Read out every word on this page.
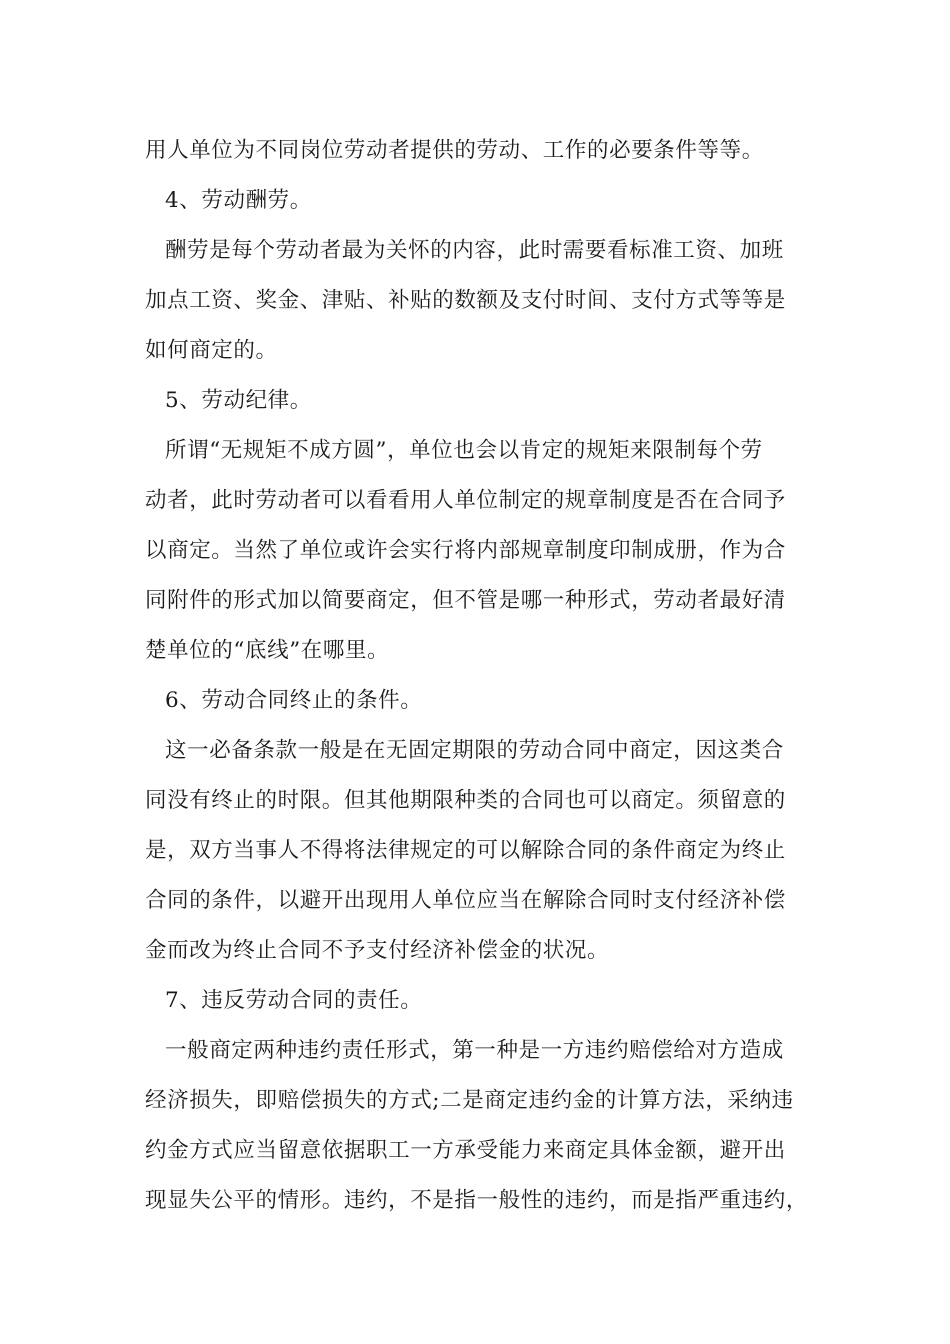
用人单位为不同岗位劳动者提供的劳动、工作的必要条件等等。
4、劳动酬劳。
酬劳是每个劳动者最为关怀的内容，此时需要看标准工资、加班
加点工资、奖金、津贴、补贴的数额及支付时间、支付方式等等是
如何商定的。
5、劳动纪律。
所谓“无规矩不成方圆”，单位也会以肯定的规矩来限制每个劳
动者，此时劳动者可以看看用人单位制定的规章制度是否在合同予
以商定。当然了单位或许会实行将内部规章制度印制成册，作为合
同附件的形式加以简要商定，但不管是哪一种形式，劳动者最好清
楚单位的“底线”在哪里。
6、劳动合同终止的条件。
这一必备条款一般是在无固定期限的劳动合同中商定，因这类合
同没有终止的时限。但其他期限种类的合同也可以商定。须留意的
是，双方当事人不得将法律规定的可以解除合同的条件商定为终止
合同的条件，以避开出现用人单位应当在解除合同时支付经济补偿
金而改为终止合同不予支付经济补偿金的状况。
7、违反劳动合同的责任。
一般商定两种违约责任形式，第一种是一方违约赔偿给对方造成
经济损失，即赔偿损失的方式;二是商定违约金的计算方法，采纳违
约金方式应当留意依据职工一方承受能力来商定具体金额，避开出
现显失公平的情形。违约，不是指一般性的违约，而是指严重违约，
